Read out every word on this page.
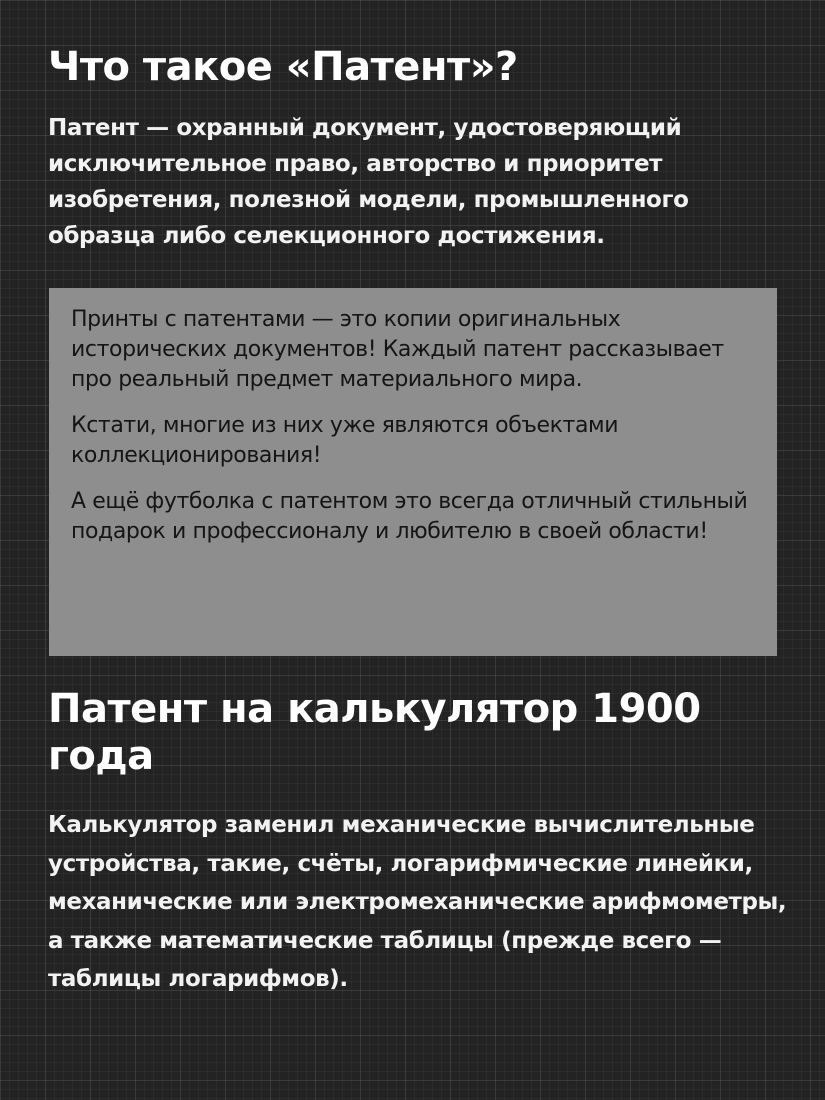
Что такое «Патент»?

Патент — охранный документ, удостоверяющий исключительное право, авторство и приоритет изобретения, полезной модели, промышленного образца либо селекционного достижения.

Принты с патентами — это копии оригинальных исторических документов! Каждый патент рассказывает про реальный предмет материального мира.

Кстати, многие из них уже являются объектами коллекционирования!

А ещё футболка с патентом это всегда отличный стильный подарок и профессионалу и любителю в своей области!

Патент на калькулятор 1900 года

Калькулятор заменил механические вычислительные устройства, такие, счёты, логарифмические линейки, механические или электромеханические арифмометры, а также математические таблицы (прежде всего — таблицы логарифмов).
